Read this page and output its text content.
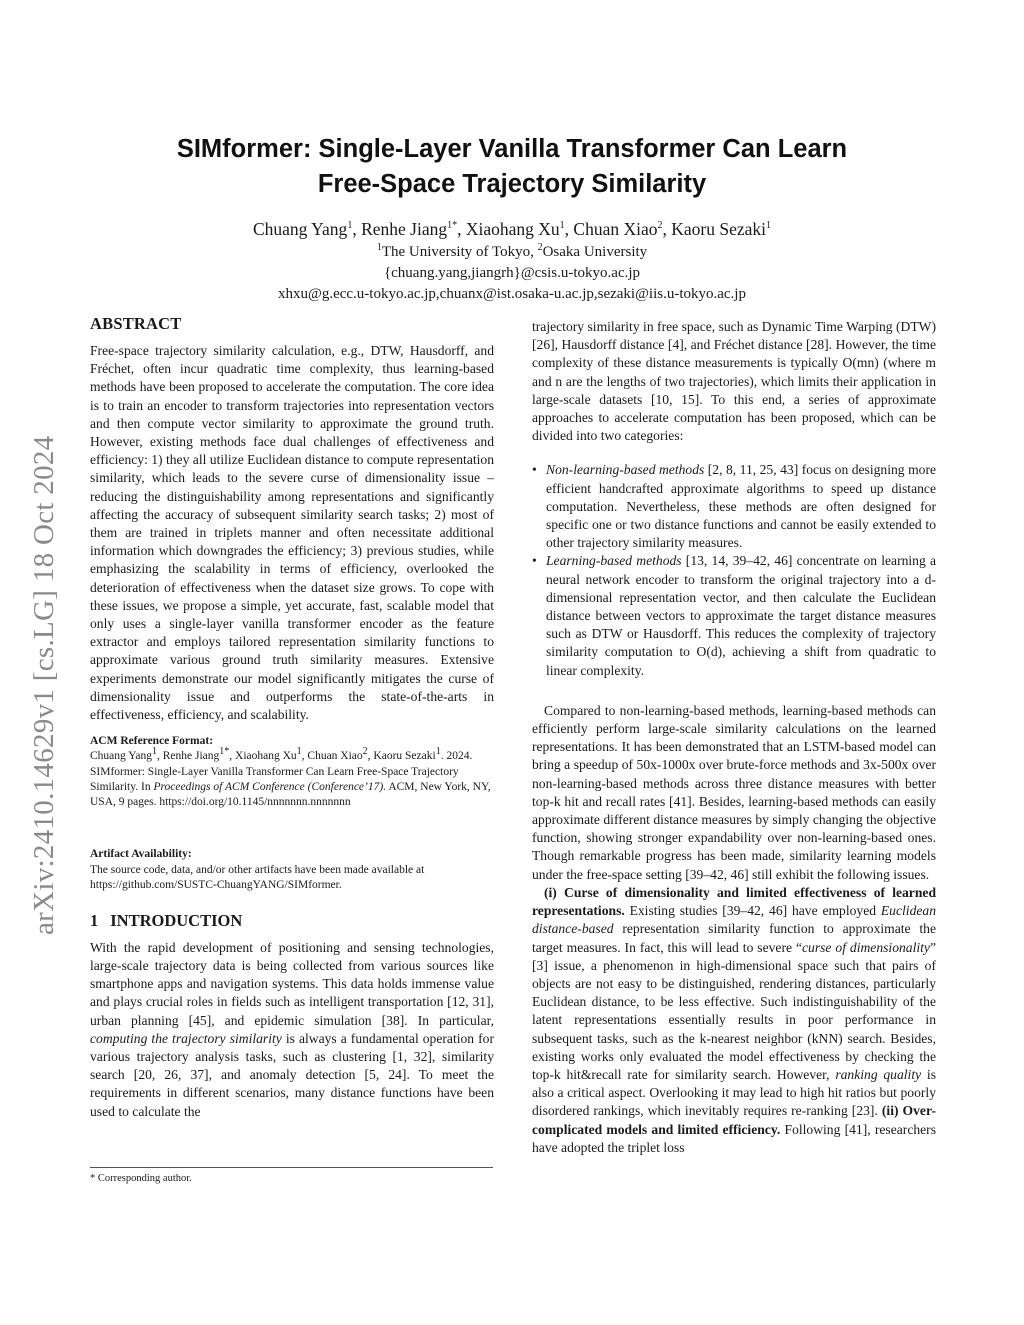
arXiv:2410.14629v1 [cs.LG] 18 Oct 2024
SIMformer: Single-Layer Vanilla Transformer Can Learn
Free-Space Trajectory Similarity
Chuang Yang$^1$, Renhe Jiang$^{1*}$, Xiaohang Xu$^1$, Chuan Xiao$^2$, Kaoru Sezaki$^1$
$^1$The University of Tokyo, $^2$Osaka University
{chuang.yang,jiangrh}@csis.u-tokyo.ac.jp
xhxu@g.ecc.u-tokyo.ac.jp,chuanx@ist.osaka-u.ac.jp,sezaki@iis.u-tokyo.ac.jp
ABSTRACT

Free-space trajectory similarity calculation, e.g., DTW, Hausdorff, and Fréchet, often incur quadratic time complexity, thus learning-based methods have been proposed to accelerate the computation. The core idea is to train an encoder to transform trajectories into representation vectors and then compute vector similarity to approximate the ground truth. However, existing methods face dual challenges of effectiveness and efficiency: 1) they all utilize Euclidean distance to compute representation similarity, which leads to the severe curse of dimensionality issue – reducing the distinguishability among representations and significantly affecting the accuracy of subsequent similarity search tasks; 2) most of them are trained in triplets manner and often necessitate additional information which downgrades the efficiency; 3) previous studies, while emphasizing the scalability in terms of efficiency, overlooked the deterioration of effectiveness when the dataset size grows. To cope with these issues, we propose a simple, yet accurate, fast, scalable model that only uses a single-layer vanilla transformer encoder as the feature extractor and employs tailored representation similarity functions to approximate various ground truth similarity measures. Extensive experiments demonstrate our model significantly mitigates the curse of dimensionality issue and outperforms the state-of-the-arts in effectiveness, efficiency, and scalability.

ACM Reference Format:
Chuang Yang$^1$, Renhe Jiang$^{1*}$, Xiaohang Xu$^1$, Chuan Xiao$^2$, Kaoru Sezaki$^1$. 2024. SIMformer: Single-Layer Vanilla Transformer Can Learn Free-Space Trajectory Similarity. In Proceedings of ACM Conference (Conference’17). ACM, New York, NY, USA, 9 pages. https://doi.org/10.1145/nnnnnnn.nnnnnnn
Artifact Availability:
The source code, data, and/or other artifacts have been made available at https://github.com/SUSTC-ChuangYANG/SIMformer.
1 INTRODUCTION

With the rapid development of positioning and sensing technologies, large-scale trajectory data is being collected from various sources like smartphone apps and navigation systems. This data holds immense value and plays crucial roles in fields such as intelligent transportation [12, 31], urban planning [45], and epidemic simulation [38]. In particular, computing the trajectory similarity is always a fundamental operation for various trajectory analysis tasks, such as clustering [1, 32], similarity search [20, 26, 37], and anomaly detection [5, 24]. To meet the requirements in different scenarios, many distance functions have been used to calculate the

* Corresponding author.

trajectory similarity in free space, such as Dynamic Time Warping (DTW) [26], Hausdorff distance [4], and Fréchet distance [28]. However, the time complexity of these distance measurements is typically O(mn) (where m and n are the lengths of two trajectories), which limits their application in large-scale datasets [10, 15]. To this end, a series of approximate approaches to accelerate computation has been proposed, which can be divided into two categories:

• Non-learning-based methods [2, 8, 11, 25, 43] focus on designing more efficient handcrafted approximate algorithms to speed up distance computation. Nevertheless, these methods are often designed for specific one or two distance functions and cannot be easily extended to other trajectory similarity measures.
• Learning-based methods [13, 14, 39–42, 46] concentrate on learning a neural network encoder to transform the original trajectory into a d-dimensional representation vector, and then calculate the Euclidean distance between vectors to approximate the target distance measures such as DTW or Hausdorff. This reduces the complexity of trajectory similarity computation to O(d), achieving a shift from quadratic to linear complexity.

Compared to non-learning-based methods, learning-based methods can efficiently perform large-scale similarity calculations on the learned representations. It has been demonstrated that an LSTM-based model can bring a speedup of 50x-1000x over brute-force methods and 3x-500x over non-learning-based methods across three distance measures with better top-k hit and recall rates [41]. Besides, learning-based methods can easily approximate different distance measures by simply changing the objective function, showing stronger expandability over non-learning-based ones. Though remarkable progress has been made, similarity learning models under the free-space setting [39–42, 46] still exhibit the following issues.

(i) Curse of dimensionality and limited effectiveness of learned representations. Existing studies [39–42, 46] have employed Euclidean distance-based representation similarity function to approximate the target measures. In fact, this will lead to severe “curse of dimensionality” [3] issue, a phenomenon in high-dimensional space such that pairs of objects are not easy to be distinguished, rendering distances, particularly Euclidean distance, to be less effective. Such indistinguishability of the latent representations essentially results in poor performance in subsequent tasks, such as the k-nearest neighbor (kNN) search. Besides, existing works only evaluated the model effectiveness by checking the top-k hit&recall rate for similarity search. However, ranking quality is also a critical aspect. Overlooking it may lead to high hit ratios but poorly disordered rankings, which inevitably requires re-ranking [23]. (ii) Over-complicated models and limited efficiency. Following [41], researchers have adopted the triplet loss
